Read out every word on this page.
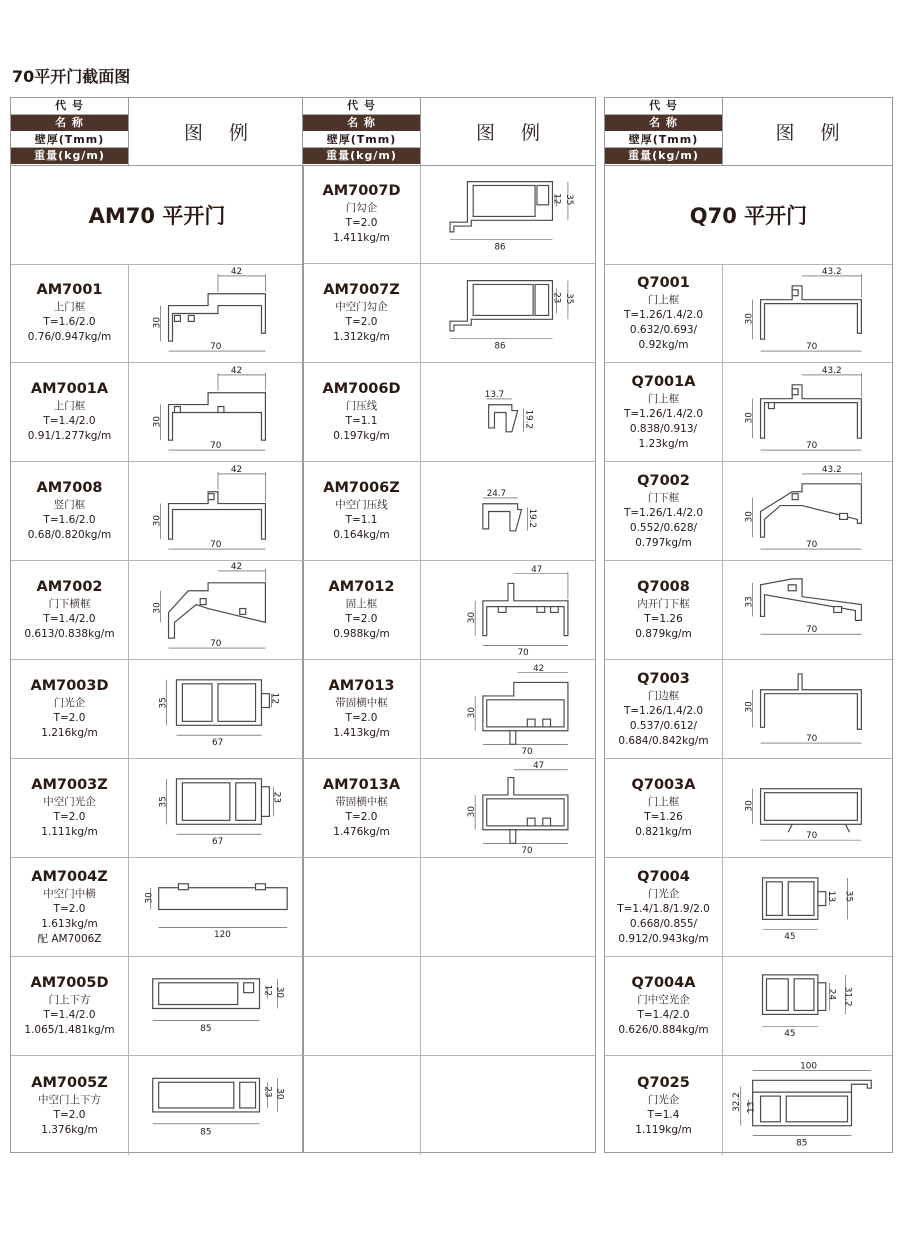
70平开门截面图
代 号
名 称
壁厚(Tmm)
重量(kg/m)
图 例
AM70 平开门
AM7001
上门框
T=1.6/2.0
0.76/0.947kg/m
42
30
70
AM7001A
上门框
T=1.4/2.0
0.91/1.277kg/m
42
30
70
AM7008
竖门框
T=1.6/2.0
0.68/0.820kg/m
42
30
70
AM7002
门下横框
T=1.4/2.0
0.613/0.838kg/m
42
30
70
AM7003D
门光企
T=2.0
1.216kg/m
35	12
67
AM7003Z
中空门光企
T=2.0
1.111kg/m
35	23
67
AM7004Z
中空门中横
T=2.0
1.613kg/m
配 AM7006Z
30
120
AM7005D
门上下方
T=1.4/2.0
1.065/1.481kg/m
12 30
85
AM7005Z
中空门上下方
T=2.0
1.376kg/m
23 30
85
代 号
名 称
壁厚(Tmm)
重量(kg/m)
图 例
AM7007D
门勾企
T=2.0
1.411kg/m
12 35
86
AM7007Z
中空门勾企
T=2.0
1.312kg/m
23 35
86
AM7006D
门压线
T=1.1
0.197kg/m
13.7
19.2
AM7006Z
中空门压线
T=1.1
0.164kg/m
24.7
19.2
AM7012
固上框
T=2.0
0.988kg/m
47
30
70
AM7013
带固横中框
T=2.0
1.413kg/m
42
30
70
AM7013A
带固横中框
T=2.0
1.476kg/m
47
30
70
代 号
名 称
壁厚(Tmm)
重量(kg/m)
图 例
Q70 平开门
Q7001
门上框
T=1.26/1.4/2.0
0.632/0.693/
0.92kg/m
43.2
30
70
Q7001A
门上框
T=1.26/1.4/2.0
0.838/0.913/
1.23kg/m
43.2
30
70
Q7002
门下框
T=1.26/1.4/2.0
0.552/0.628/
0.797kg/m
43.2
30
70
Q7008
内开门下框
T=1.26
0.879kg/m
33
70
Q7003
门边框
T=1.26/1.4/2.0
0.537/0.612/
0.684/0.842kg/m
30
70
Q7003A
门上框
T=1.26
0.821kg/m
30
70
Q7004
门光企
T=1.4/1.8/1.9/2.0
0.668/0.855/
0.912/0.943kg/m
13 35
45
Q7004A
门中空光企
T=1.4/2.0
0.626/0.884kg/m
24 31.2
45
Q7025
门光企
T=1.4
1.119kg/m
100
32.2 13
85
